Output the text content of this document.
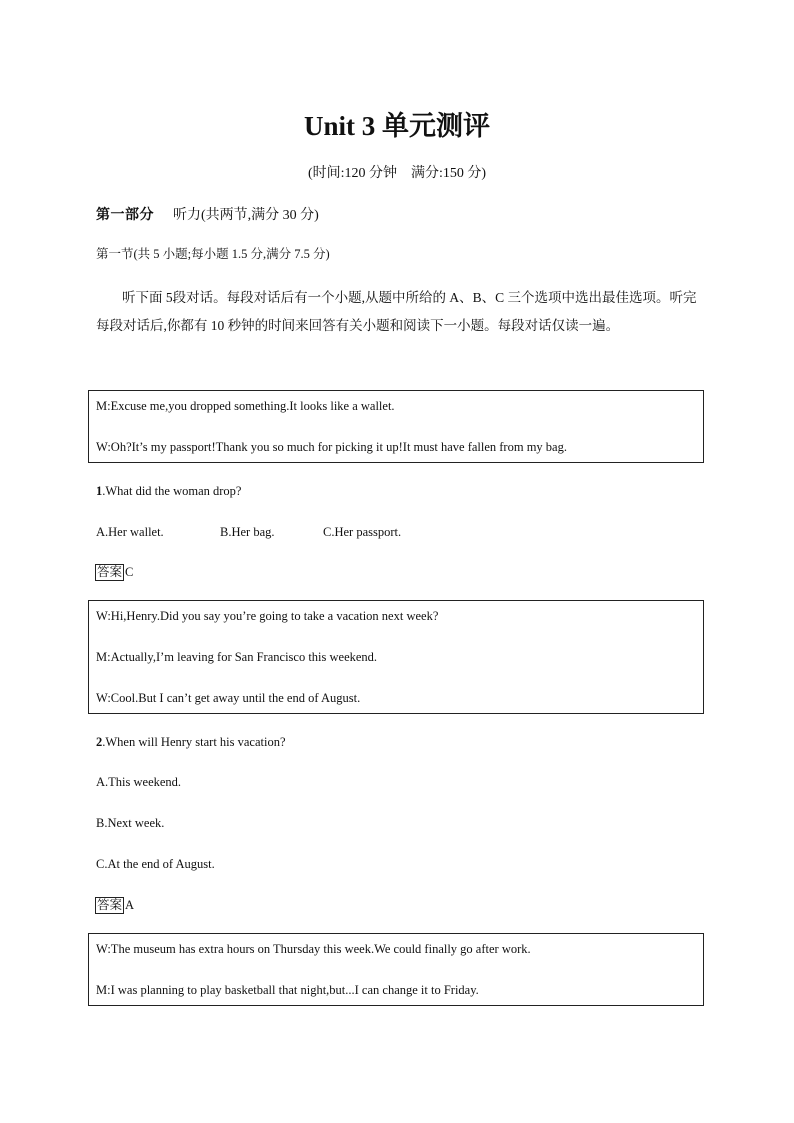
Unit 3 单元测评
(时间:120 分钟　满分:150 分)
第一部分 听力(共两节,满分 30 分)
第一节(共 5 小题;每小题 1.5 分,满分 7.5 分)
听下面 5段对话。每段对话后有一个小题,从题中所给的 A、B、C 三个选项中选出最佳选项。听完每段对话后,你都有 10 秒钟的时间来回答有关小题和阅读下一小题。每段对话仅读一遍。
M:Excuse me,you dropped something.It looks like a wallet.
W:Oh?It’s my passport!Thank you so much for picking it up!It must have fallen from my bag.
1.What did the woman drop?
A.Her wallet.	B.Her bag.	C.Her passport.
答案 C
W:Hi,Henry.Did you say you’re going to take a vacation next week?
M:Actually,I’m leaving for San Francisco this weekend.
W:Cool.But I can’t get away until the end of August.
2.When will Henry start his vacation?
A.This weekend.
B.Next week.
C.At the end of August.
答案 A
W:The museum has extra hours on Thursday this week.We could finally go after work.
M:I was planning to play basketball that night,but...I can change it to Friday.
